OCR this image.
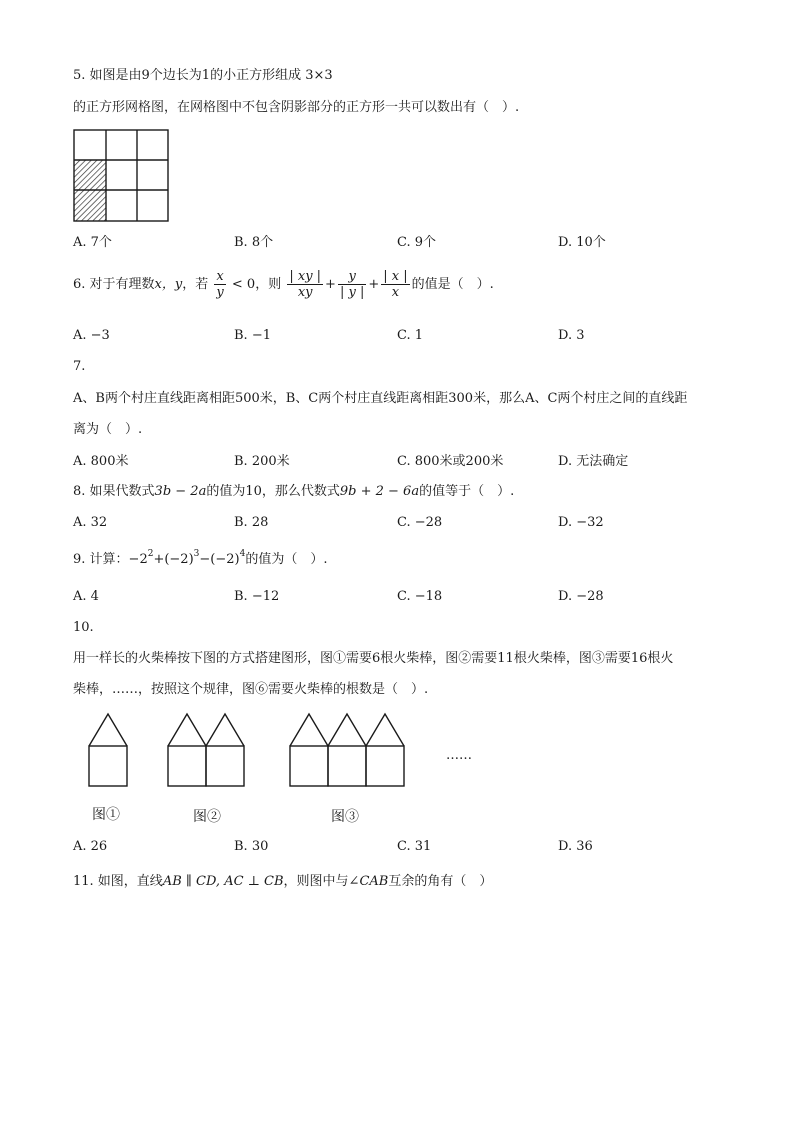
5. 如图是由9个边长为1的小正方形组成 3×3
的正方形网格图，在网格图中不包含阴影部分的正方形一共可以数出有（　）.
A. 7个	B. 8个	C. 9个	D. 10个
6. 对于有理数x，y，若 $\frac{x}{y} < 0$，则 $\frac{| xy |}{xy} + \frac{y}{| y |} + \frac{| x |}{x}$ 的值是（　）.
A. −3	B. −1	C. 1	D. 3
7.
A、B两个村庄直线距离相距500米，B、C两个村庄直线距离相距300米，那么A、C两个村庄之间的直线距
离为（　）.
A. 800米	B. 200米	C. 800米或200米	D. 无法确定
8. 如果代数式3b − 2a的值为10，那么代数式9b + 2 − 6a的值等于（　）.
A. 32	B. 28	C. −28	D. −32
9. 计算：$-2^2+(-2)^3-(-2)^4$的值为（　）.
A. 4	B. −12	C. −18	D. −28
10.
用一样长的火柴棒按下图的方式搭建图形，图①需要6根火柴棒，图②需要11根火柴棒，图③需要16根火
柴棒，……，按照这个规律，图⑥需要火柴棒的根数是（　）.
……
图①	图②	图③
A. 26	B. 30	C. 31	D. 36
11. 如图，直线AB ∥ CD, AC ⊥ CB，则图中与∠CAB互余的角有（　）
